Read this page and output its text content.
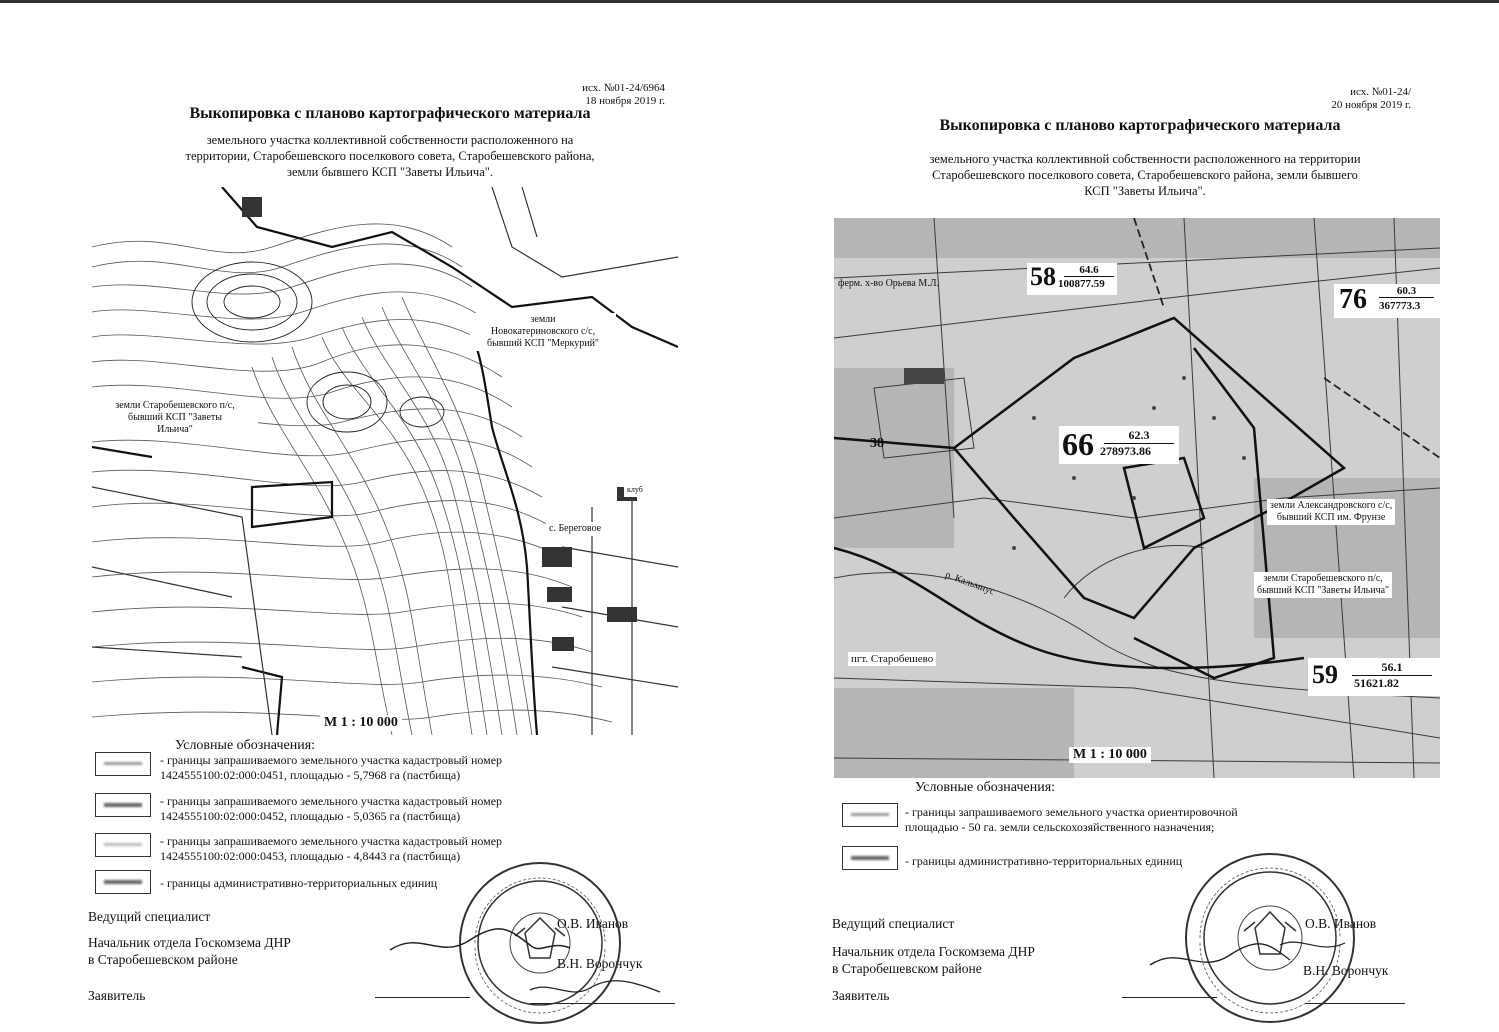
исх. №01-24/6964
18 ноября 2019 г.
Выкопировка с планово картографического материала
земельного участка коллективной собственности расположенного на
территории, Старобешевского поселкового совета, Старобешевского района,
земли бывшего КСП "Заветы Ильича".
земли
Новокатериновского с/с,
бывший КСП "Меркурий"
земли Старобешевского п/с,
бывший КСП "Заветы
Ильича"
с. Береговое
клуб
М 1 : 10 000
Условные обозначения:
- границы запрашиваемого земельного участка кадастровый номер
1424555100:02:000:0451, площадью - 5,7968 га (пастбища)
- границы запрашиваемого земельного участка кадастровый номер
1424555100:02:000:0452, площадью - 5,0365 га (пастбища)
- границы запрашиваемого земельного участка кадастровый номер
1424555100:02:000:0453, площадью - 4,8443 га (пастбища)
- границы административно-территориальных единиц
Ведущий специалист	О.В. Иванов
Начальник отдела Госкомзема ДНР
в Старобешевском районе	В.Н. Ворончук
Заявитель
исх. №01-24/
20 ноября 2019 г.
Выкопировка с планово картографического материала
земельного участка коллективной собственности расположенного на территории
Старобешевского поселкового совета, Старобешевского района, земли бывшего
КСП "Заветы Ильича".
58	64.6
100877.59	76	60.3
367773.3
66	62.3
278973.86
59	56.1
51621.82
38
ферм. х-во Орьева М.Л.
р. Кальмиус
земли Александровского с/с,
бывший КСП им. Фрунзе
земли Старобешевского п/с,
бывший КСП "Заветы Ильича"
пгт. Старобешево
М 1 : 10 000
Условные обозначения:
- границы запрашиваемого земельного участка ориентировочной
площадью - 50 га. земли сельскохозяйственного назначения;
- границы административно-территориальных единиц
Ведущий специалист	О.В. Иванов
Начальник отдела Госкомзема ДНР
в Старобешевском районе	В.Н. Ворончук
Заявитель
